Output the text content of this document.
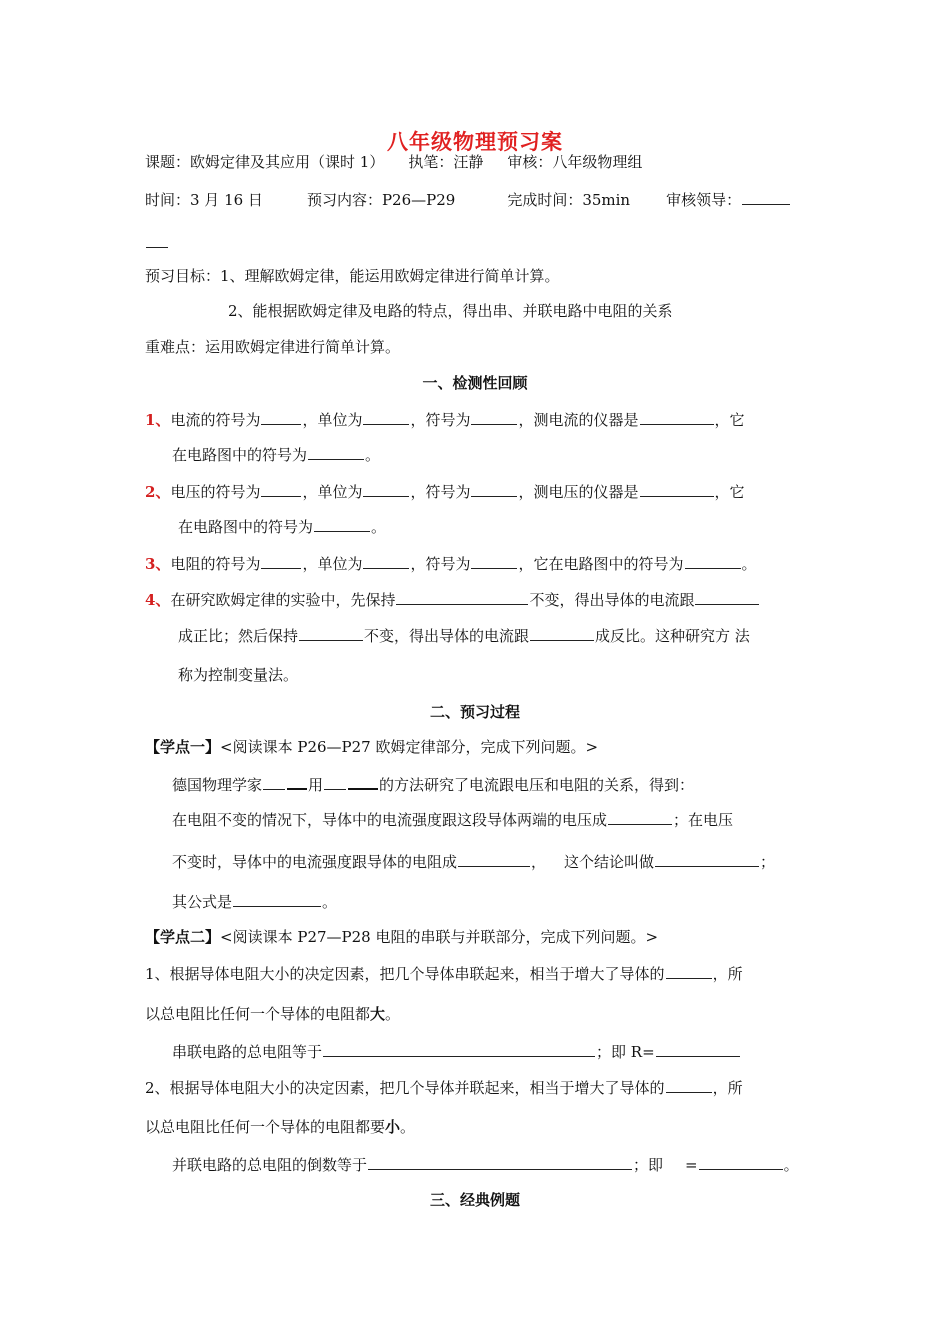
八年级物理预习案
课题：欧姆定律及其应用（课时 1） 执笔：汪静 审核：八年级物理组
时间：3 月 16 日	预习内容：P26—P29	完成时间：35min 审核领导：
预习目标：1、理解欧姆定律，能运用欧姆定律进行简单计算。
2、能根据欧姆定律及电路的特点，得出串、并联电路中电阻的关系
重难点：运用欧姆定律进行简单计算。
一、检测性回顾
1、电流的符号为	，单位为	，符号为	，测电流的仪器是	，它
在电路图中的符号为	。
2、电压的符号为	，单位为	，符号为	，测电压的仪器是	，它
在电路图中的符号为	。
3、电阻的符号为	，单位为	，符号为	，它在电路图中的符号为	。
4、在研究欧姆定律的实验中，先保持	不变，得出导体的电流跟
成正比；然后保持	不变，得出导体的电流跟	成反比。这种研究方 法
称为控制变量法。
二、预习过程
【学点一】<阅读课本 P26—P27 欧姆定律部分，完成下列问题。>
德国物理学家	用	的方法研究了电流跟电压和电阻的关系，得到：
在电阻不变的情况下，导体中的电流强度跟这段导体两端的电压成	；在电压
不变时，导体中的电流强度跟导体的电阻成	， 这个结论叫做	；
其公式是	。
【学点二】<阅读课本 P27—P28 电阻的串联与并联部分，完成下列问题。>
1、根据导体电阻大小的决定因素，把几个导体串联起来，相当于增大了导体的	，所
以总电阻比任何一个导体的电阻都大。
串联电路的总电阻等于	；即 R=
2、根据导体电阻大小的决定因素，把几个导体并联起来，相当于增大了导体的	，所
以总电阻比任何一个导体的电阻都要小。
并联电路的总电阻的倒数等于	；即 =	。
三、经典例题
